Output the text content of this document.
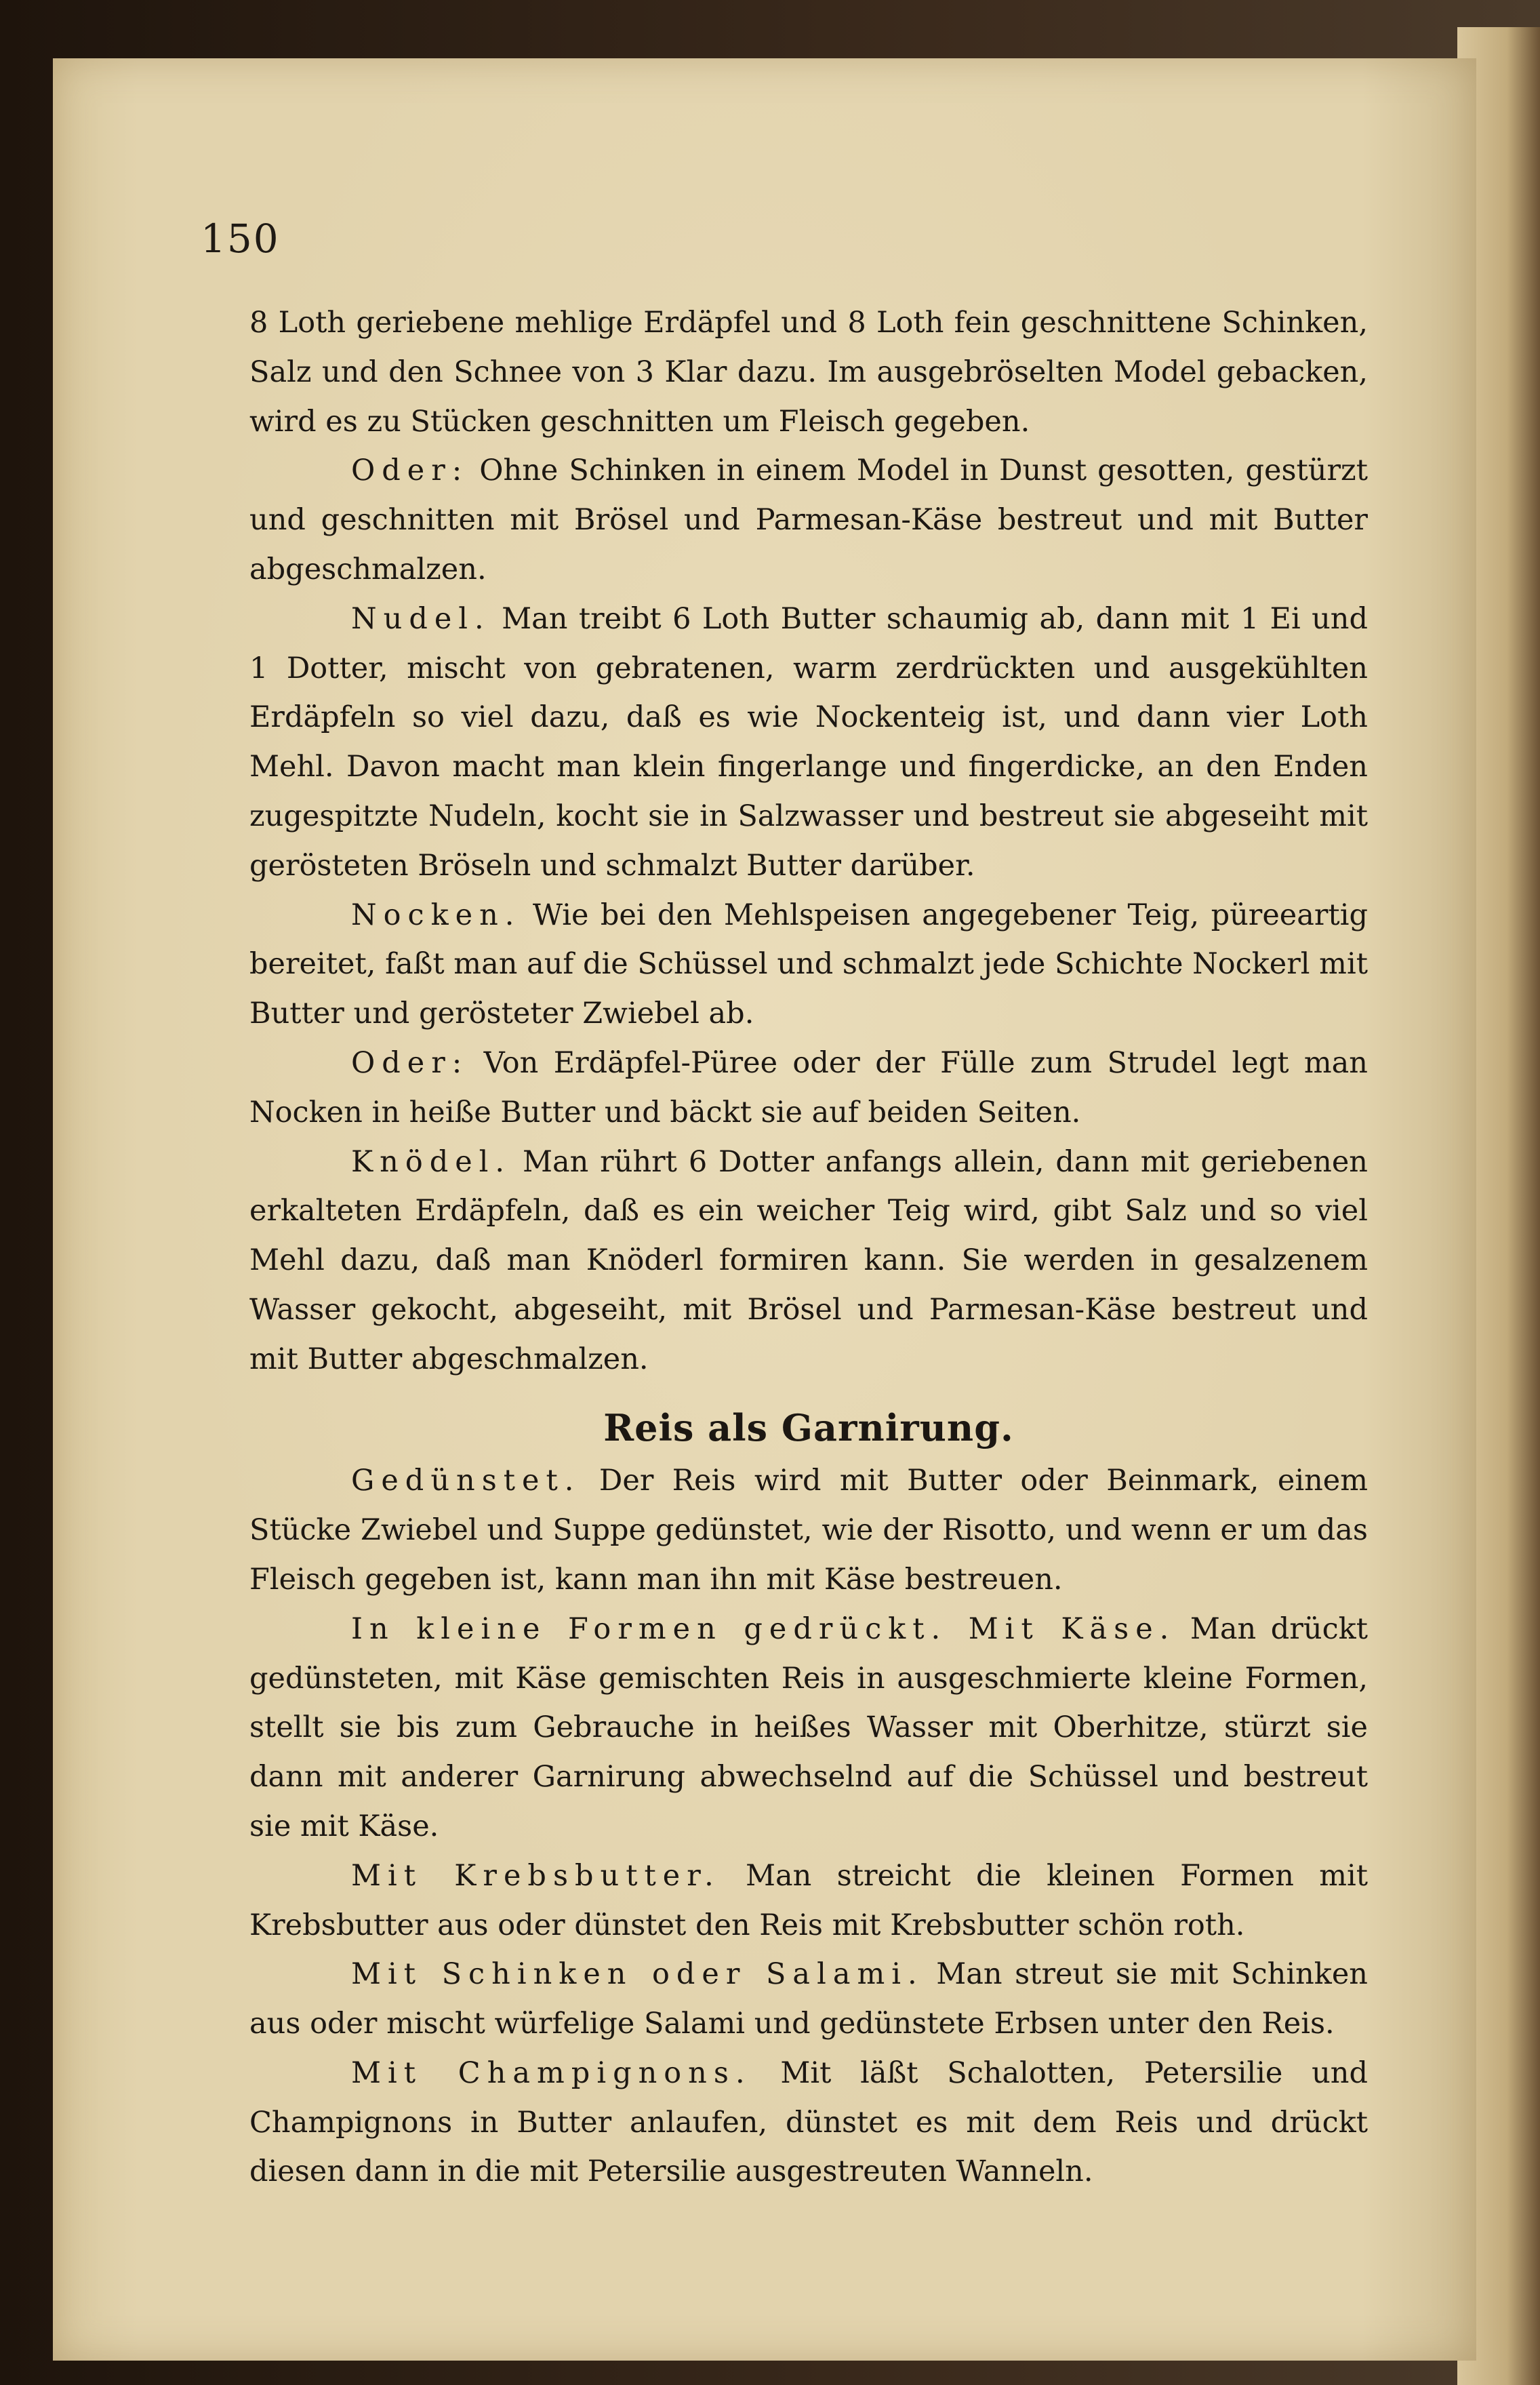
150

8 Loth geriebene mehlige Erdäpfel und 8 Loth fein geschnittene Schinken, Salz und den Schnee von 3 Klar dazu. Im ausgebröselten Model gebacken, wird es zu Stücken geschnitten um Fleisch gegeben.

Oder: Ohne Schinken in einem Model in Dunst gesotten, gestürzt und geschnitten mit Brösel und Parmesan-Käse bestreut und mit Butter abgeschmalzen.

Nudel. Man treibt 6 Loth Butter schaumig ab, dann mit 1 Ei und 1 Dotter, mischt von gebratenen, warm zerdrückten und ausgekühlten Erdäpfeln so viel dazu, daß es wie Nockenteig ist, und dann vier Loth Mehl. Davon macht man klein fingerlange und fingerdicke, an den Enden zugespitzte Nudeln, kocht sie in Salzwasser und bestreut sie abgeseiht mit gerösteten Bröseln und schmalzt Butter darüber.

Nocken. Wie bei den Mehlspeisen angegebener Teig, püreeartig bereitet, faßt man auf die Schüssel und schmalzt jede Schichte Nockerl mit Butter und gerösteter Zwiebel ab.

Oder: Von Erdäpfel-Püree oder der Fülle zum Strudel legt man Nocken in heiße Butter und bäckt sie auf beiden Seiten.

Knödel. Man rührt 6 Dotter anfangs allein, dann mit geriebenen erkalteten Erdäpfeln, daß es ein weicher Teig wird, gibt Salz und so viel Mehl dazu, daß man Knöderl formiren kann. Sie werden in gesalzenem Wasser gekocht, abgeseiht, mit Brösel und Parmesan-Käse bestreut und mit Butter abgeschmalzen.

Reis als Garnirung.

Gedünstet. Der Reis wird mit Butter oder Beinmark, einem Stücke Zwiebel und Suppe gedünstet, wie der Risotto, und wenn er um das Fleisch gegeben ist, kann man ihn mit Käse bestreuen.

In kleine Formen gedrückt. Mit Käse. Man drückt gedünsteten, mit Käse gemischten Reis in ausgeschmierte kleine Formen, stellt sie bis zum Gebrauche in heißes Wasser mit Oberhitze, stürzt sie dann mit anderer Garnirung abwechselnd auf die Schüssel und bestreut sie mit Käse.

Mit Krebsbutter. Man streicht die kleinen Formen mit Krebsbutter aus oder dünstet den Reis mit Krebsbutter schön roth.

Mit Schinken oder Salami. Man streut sie mit Schinken aus oder mischt würfelige Salami und gedünstete Erbsen unter den Reis.

Mit Champignons. Mit läßt Schalotten, Petersilie und Champignons in Butter anlaufen, dünstet es mit dem Reis und drückt diesen dann in die mit Petersilie ausgestreuten Wanneln.
